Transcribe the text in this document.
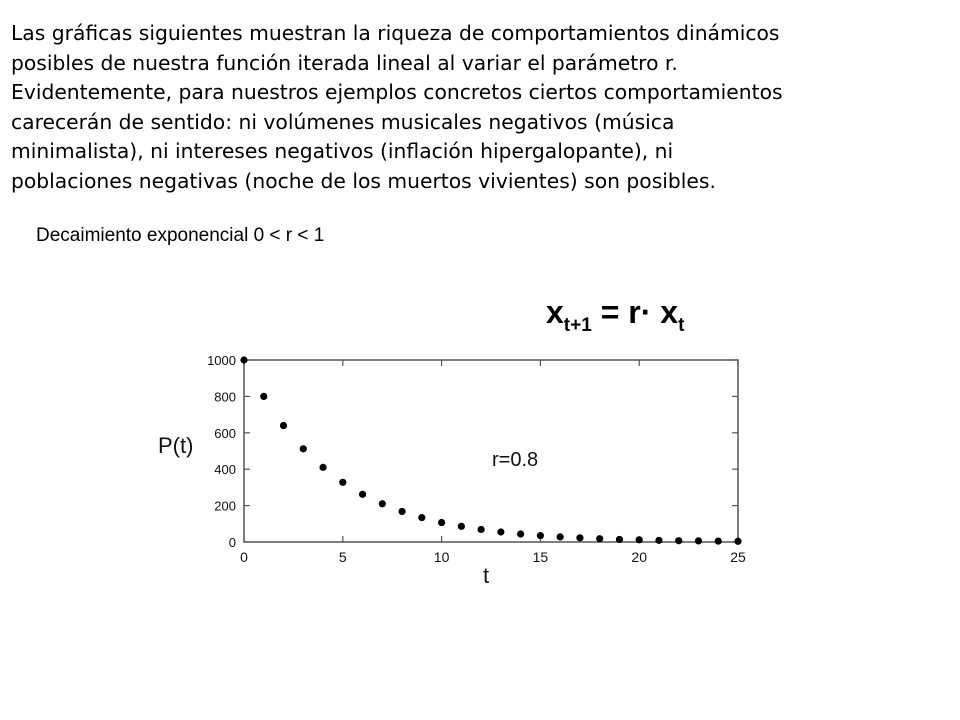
Las gráficas siguientes muestran la riqueza de comportamientos dinámicos
posibles de nuestra función iterada lineal al variar el parámetro r.
Evidentemente, para nuestros ejemplos concretos ciertos comportamientos
carecerán de sentido: ni volúmenes musicales negativos (música
minimalista), ni intereses negativos (inflación hipergalopante), ni
poblaciones negativas (noche de los muertos vivientes) son posibles.
Decaimiento exponencial 0 < r < 1
$x_{t+1} = r\cdot x_t$
0
200
400
600
800
1000
0	5	10	15	20	25
P(t)
t
r=0.8
